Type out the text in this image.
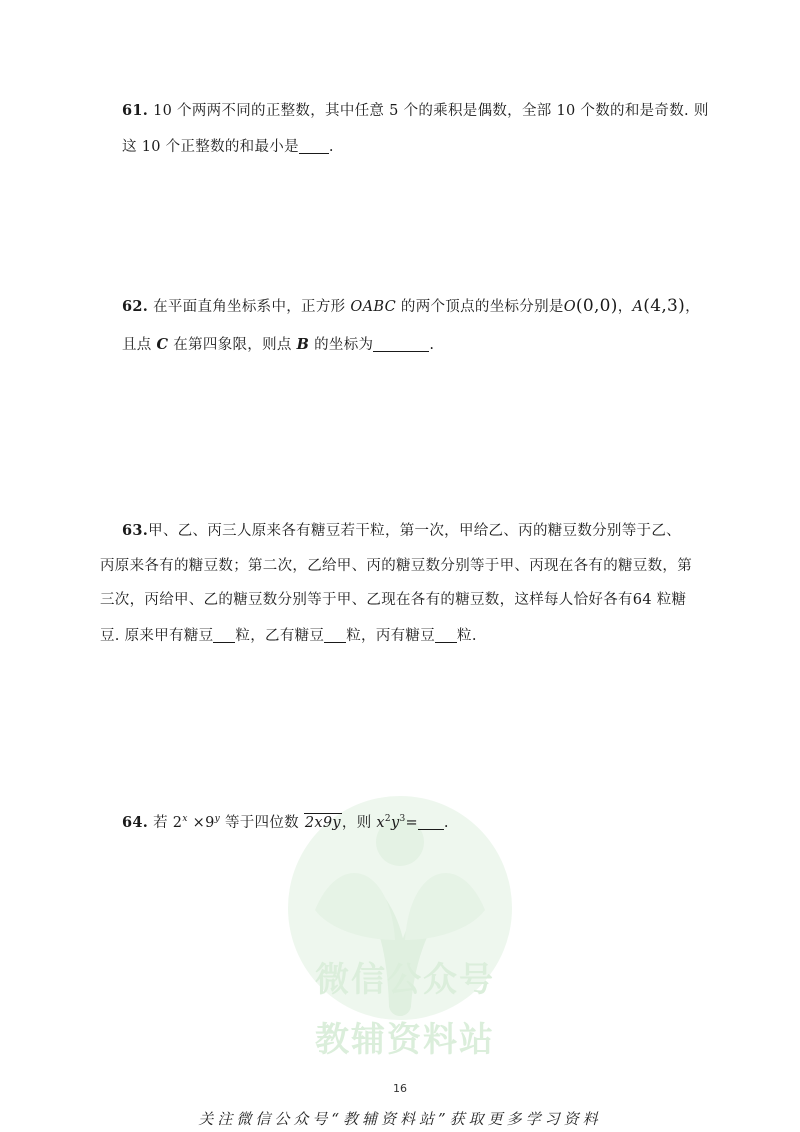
微信公众号
教辅资料站
61. 10 个两两不同的正整数，其中任意 5 个的乘积是偶数，全部 10 个数的和是奇数. 则
这 10 个正整数的和最小是 .
62. 在平面直角坐标系中，正方形 OABC 的两个顶点的坐标分别是O(0,0)，A(4,3)，
且点 C 在第四象限，则点 B 的坐标为	.
63.甲、乙、丙三人原来各有糖豆若干粒，第一次，甲给乙、丙的糖豆数分别等于乙、
丙原来各有的糖豆数；第二次，乙给甲、丙的糖豆数分别等于甲、丙现在各有的糖豆数，第
三次，丙给甲、乙的糖豆数分别等于甲、乙现在各有的糖豆数，这样每人恰好各有64 粒糖
豆. 原来甲有糖豆 粒，乙有糖豆 粒，丙有糖豆 粒.
64. 若 $2^x \times 9^y$ 等于四位数 2x9y，则 $x^2y^3=$ .
16
关注微信公众号“教辅资料站”获取更多学习资料
